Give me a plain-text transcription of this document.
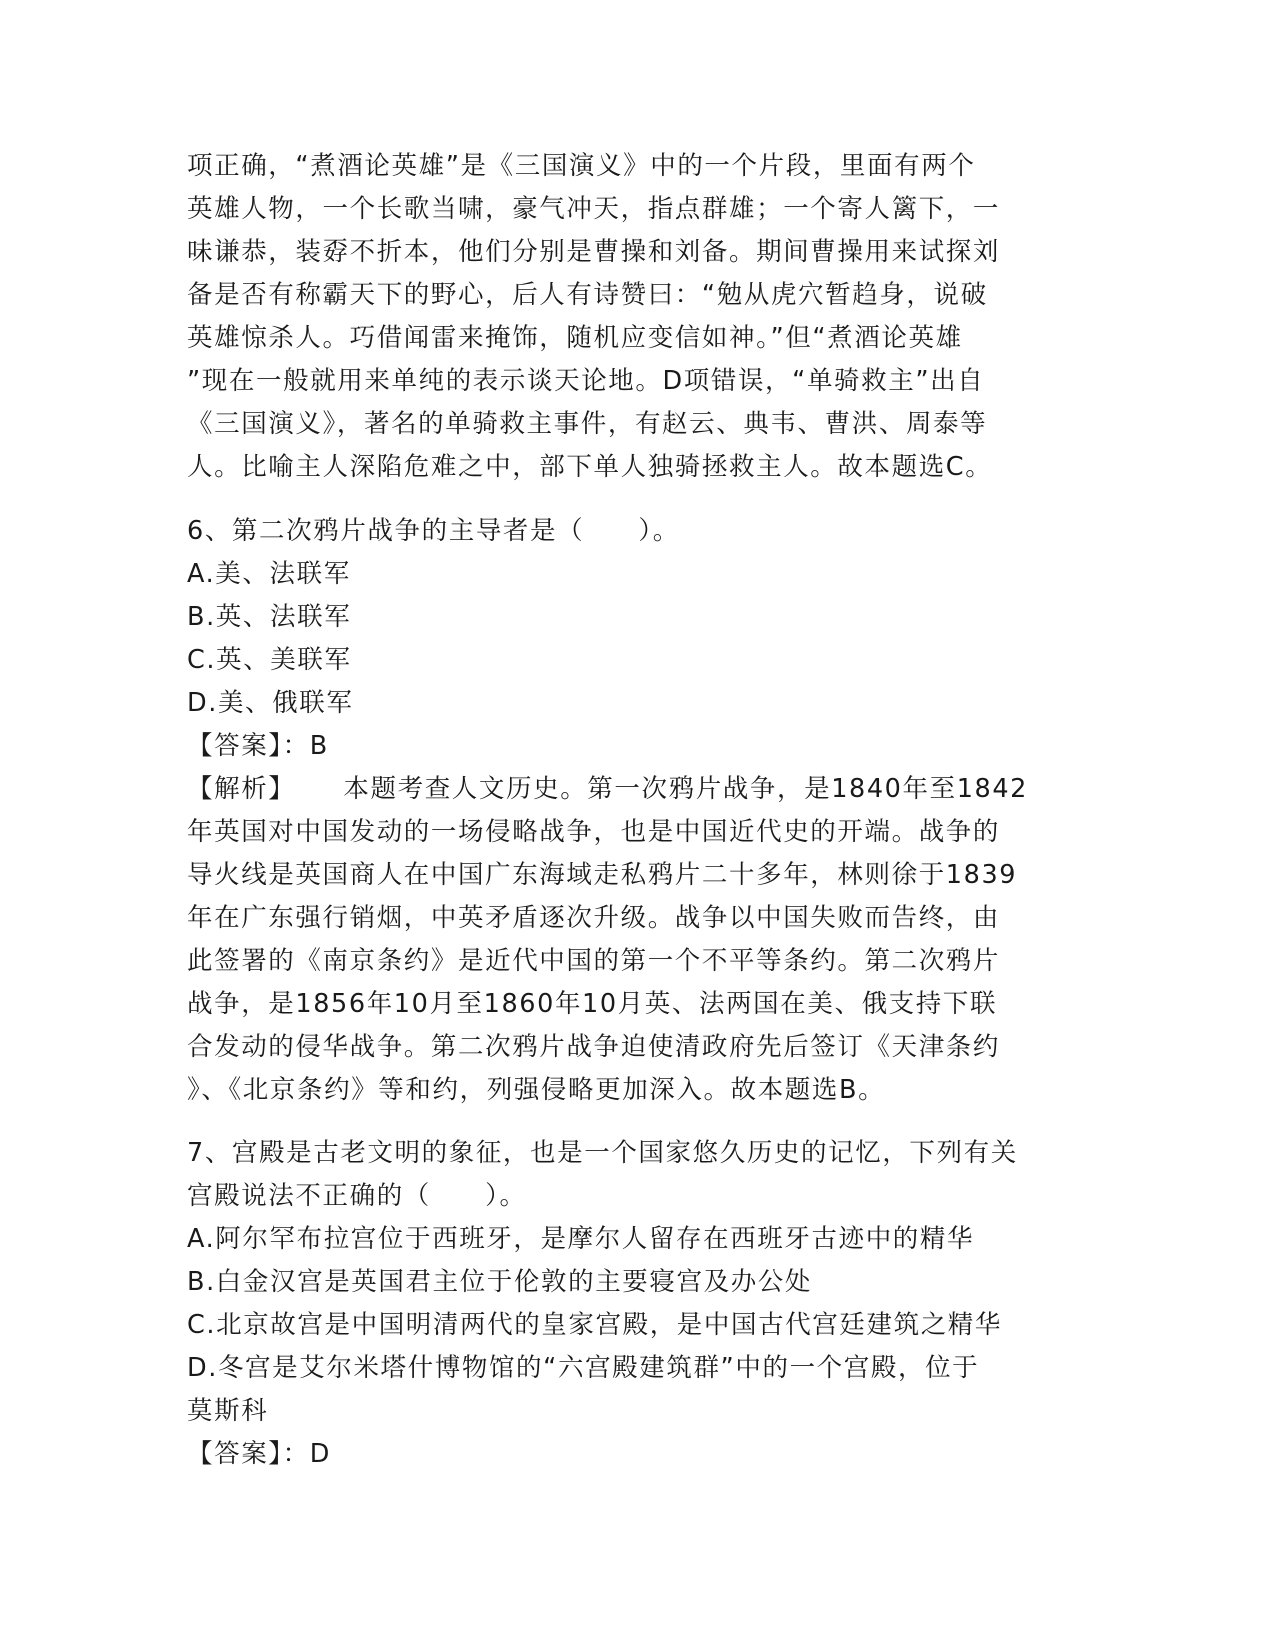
项正确，“煮酒论英雄”是《三国演义》中的一个片段，里面有两个
英雄人物，一个长歌当啸，豪气冲天，指点群雄；一个寄人篱下，一
味谦恭，装孬不折本，他们分别是曹操和刘备。期间曹操用来试探刘
备是否有称霸天下的野心，后人有诗赞曰：“勉从虎穴暂趋身，说破
英雄惊杀人。巧借闻雷来掩饰，随机应变信如神。”但“煮酒论英雄
”现在一般就用来单纯的表示谈天论地。D项错误，“单骑救主”出自
《三国演义》，著名的单骑救主事件，有赵云、典韦、曹洪、周泰等
人。比喻主人深陷危难之中，部下单人独骑拯救主人。故本题选C。
6、第二次鸦片战争的主导者是（　　）。
A.美、法联军
B.英、法联军
C.英、美联军
D.美、俄联军
【答案】：B
【解析】 本题考查人文历史。第一次鸦片战争，是1840年至1842
年英国对中国发动的一场侵略战争，也是中国近代史的开端。战争的
导火线是英国商人在中国广东海域走私鸦片二十多年，林则徐于1839
年在广东强行销烟，中英矛盾逐次升级。战争以中国失败而告终，由
此签署的《南京条约》是近代中国的第一个不平等条约。第二次鸦片
战争，是1856年10月至1860年10月英、法两国在美、俄支持下联
合发动的侵华战争。第二次鸦片战争迫使清政府先后签订《天津条约
》、《北京条约》等和约，列强侵略更加深入。故本题选B。
7、宫殿是古老文明的象征，也是一个国家悠久历史的记忆，下列有关
宫殿说法不正确的（　　）。
A.阿尔罕布拉宫位于西班牙，是摩尔人留存在西班牙古迹中的精华
B.白金汉宫是英国君主位于伦敦的主要寝宫及办公处
C.北京故宫是中国明清两代的皇家宫殿，是中国古代宫廷建筑之精华
D.冬宫是艾尔米塔什博物馆的“六宫殿建筑群”中的一个宫殿，位于
莫斯科
【答案】：D
